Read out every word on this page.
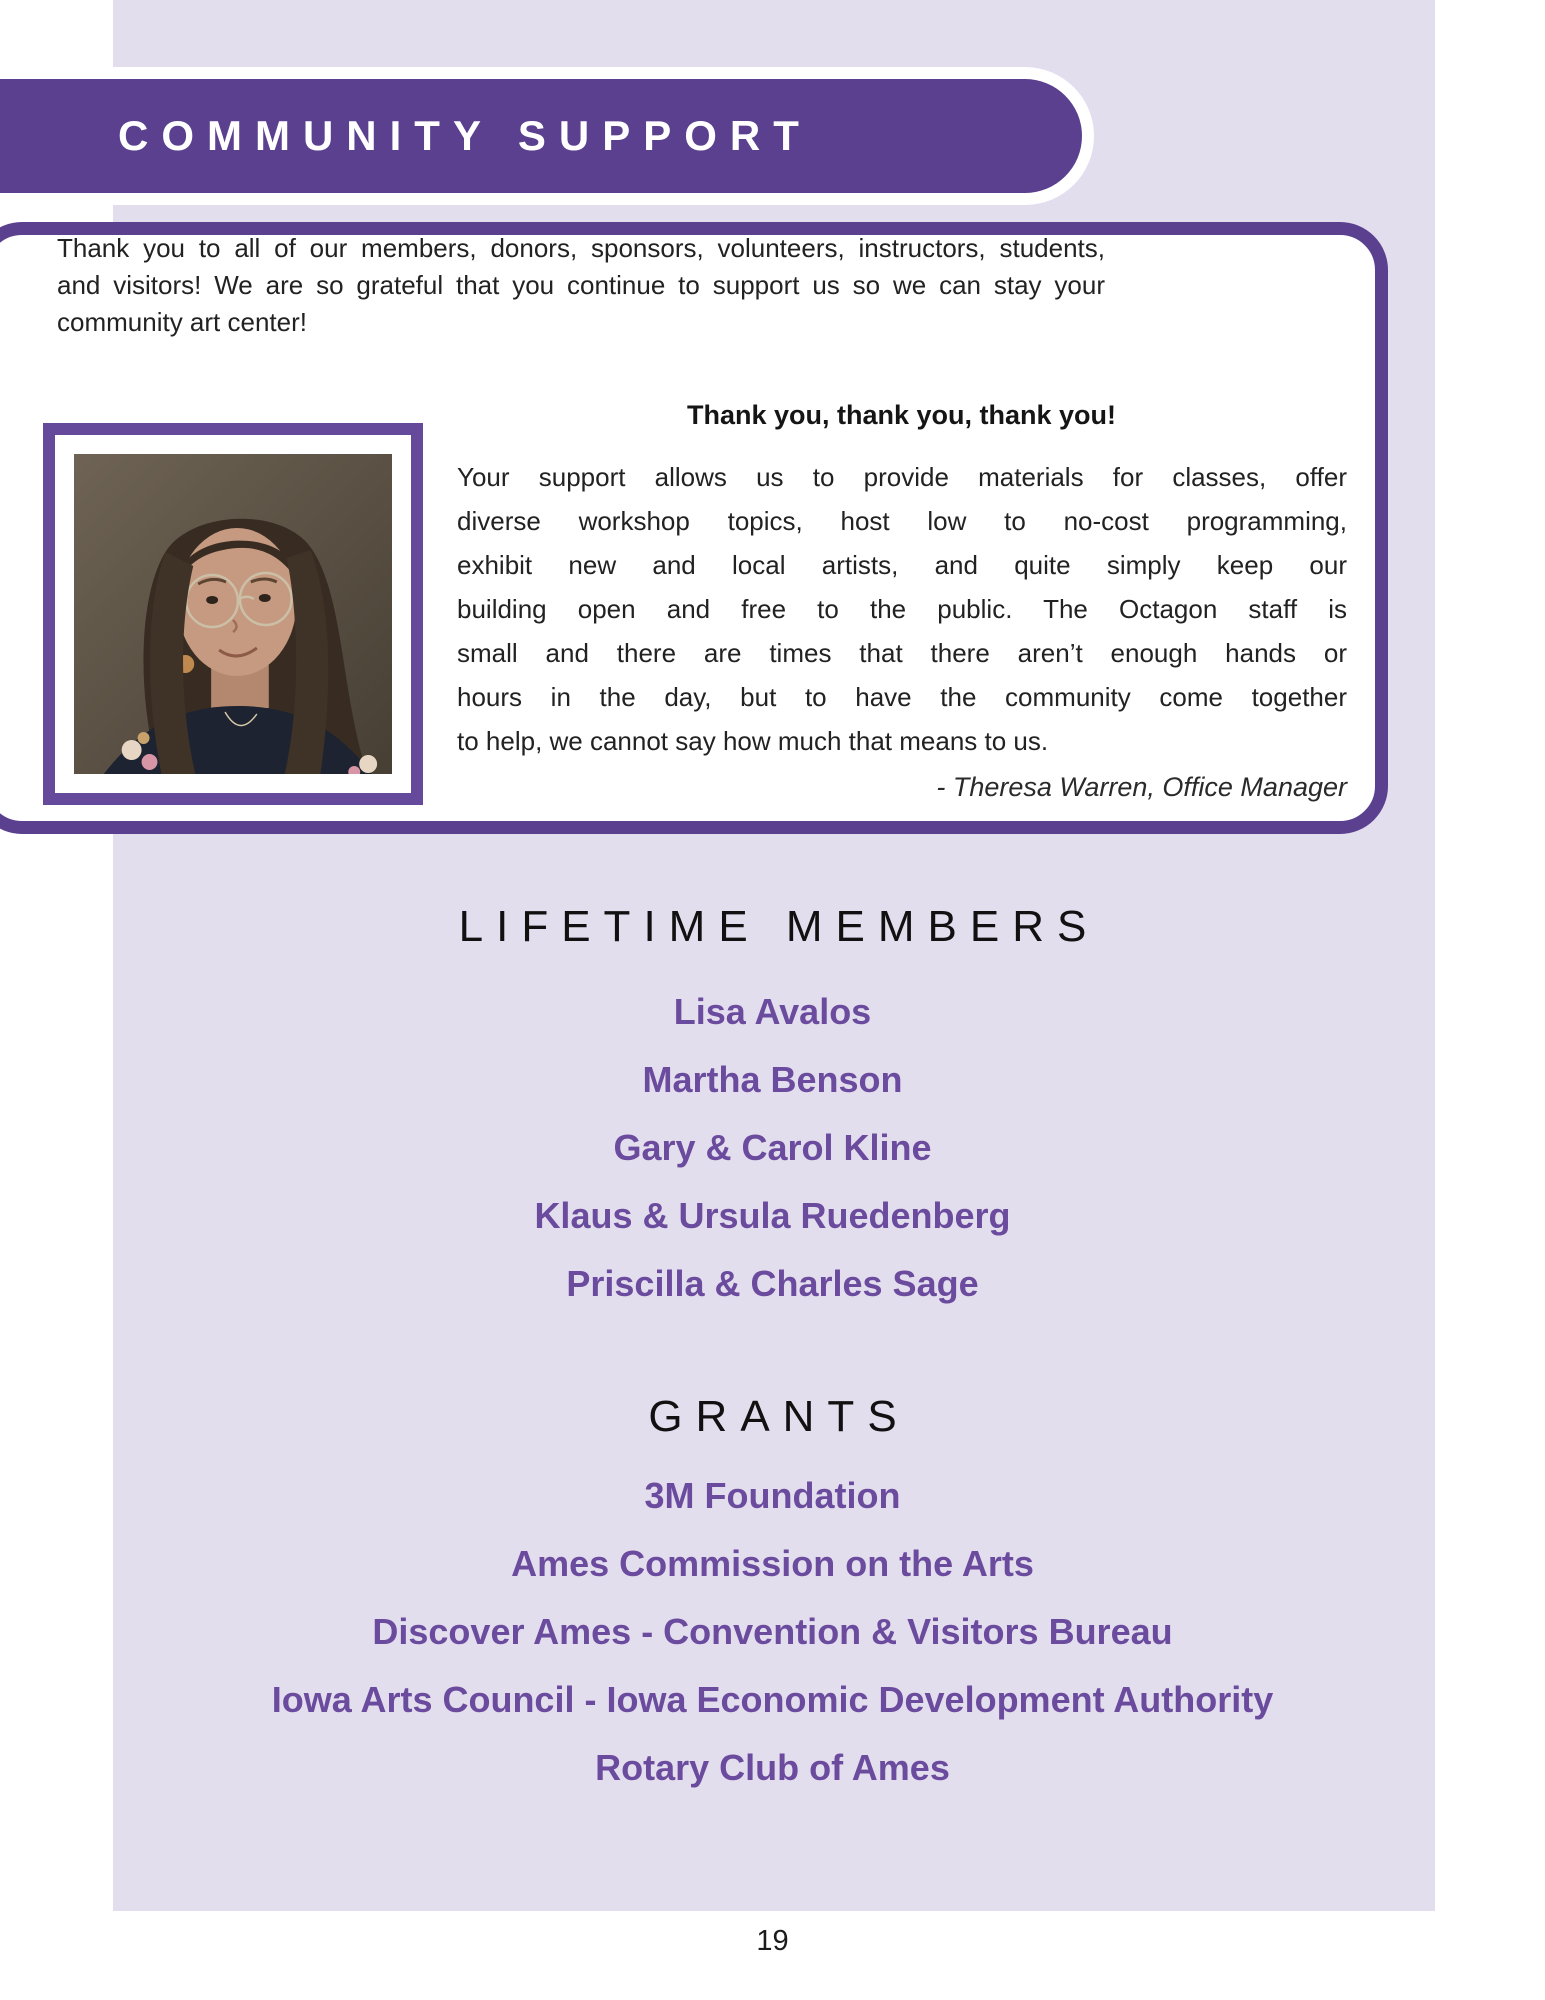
COMMUNITY SUPPORT
Thank you to all of our members, donors, sponsors, volunteers, instructors, students,
and visitors! We are so grateful that you continue to support us so we can stay your
community art center!
Thank you, thank you, thank you!
Your support allows us to provide materials for classes, offer
diverse workshop topics, host low to no-cost programming,
exhibit new and local artists, and quite simply keep our
building open and free to the public. The Octagon staff is
small and there are times that there aren’t enough hands or
hours in the day, but to have the community come together
to help, we cannot say how much that means to us.
- Theresa Warren, Office Manager
LIFETIME MEMBERS
Lisa Avalos
Martha Benson
Gary & Carol Kline
Klaus & Ursula Ruedenberg
Priscilla & Charles Sage
GRANTS
3M Foundation
Ames Commission on the Arts
Discover Ames - Convention & Visitors Bureau
Iowa Arts Council - Iowa Economic Development Authority
Rotary Club of Ames
19
